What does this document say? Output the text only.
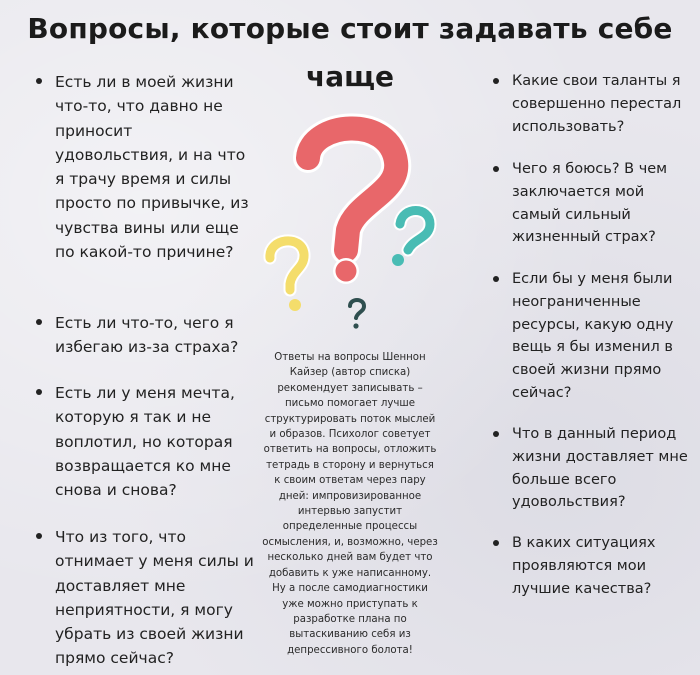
Вопросы, которые стоит задавать себе
чаще
Есть ли в моей жизни что-то, что давно не приносит удовольствия, и на что я трачу время и силы просто по привычке, из чувства вины или еще по какой-то причине?
Есть ли что-то, чего я избегаю из-за страха?
Есть ли у меня мечта, которую я так и не воплотил, но которая возвращается ко мне снова и снова?
Что из того, что отнимает у меня силы и доставляет мне неприятности, я могу убрать из своей жизни прямо сейчас?
Какие свои таланты я совершенно перестал использовать?
Чего я боюсь? В чем заключается мой самый сильный жизненный страх?
Если бы у меня были неограниченные ресурсы, какую одну вещь я бы изменил в своей жизни прямо сейчас?
Что в данный период жизни доставляет мне больше всего удовольствия?
В каких ситуациях проявляются мои лучшие качества?
Ответы на вопросы Шеннон Кайзер (автор списка) рекомендует записывать – письмо помогает лучше структурировать поток мыслей и образов. Психолог советует ответить на вопросы, отложить тетрадь в сторону и вернуться к своим ответам через пару дней: импровизированное интервью запустит определенные процессы осмысления, и, возможно, через несколько дней вам будет что добавить к уже написанному. Ну а после самодиагностики уже можно приступать к разработке плана по вытаскиванию себя из депрессивного болота!
